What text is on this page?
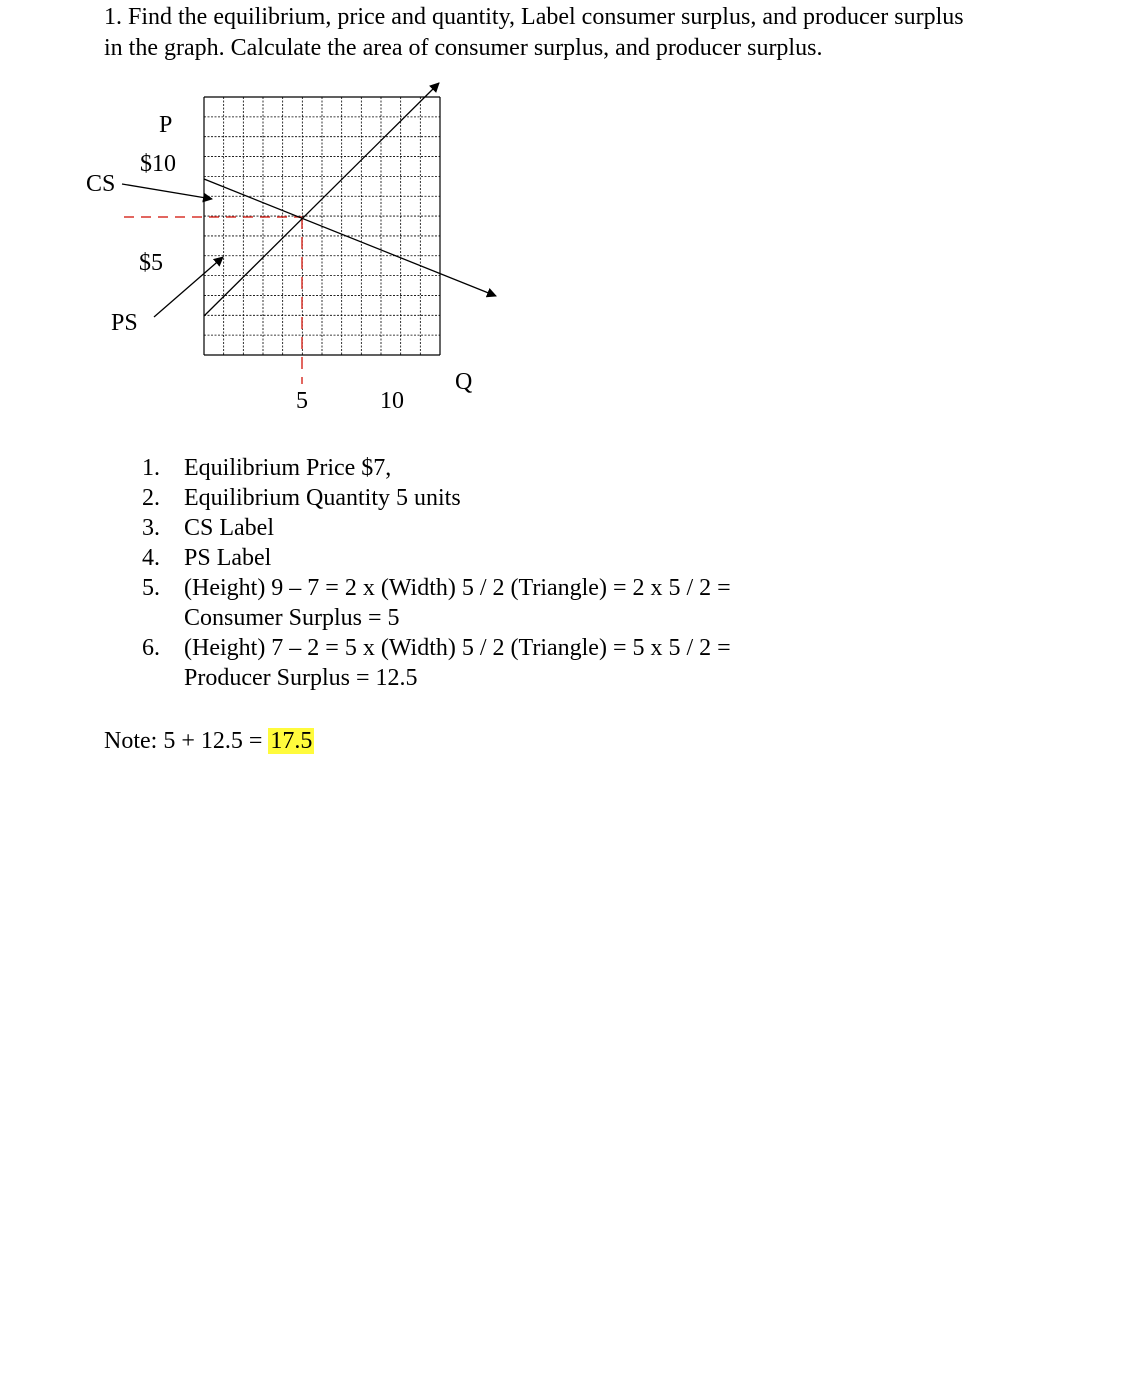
1. Find the equilibrium, price and quantity, Label consumer surplus, and producer surplus
in the graph. Calculate the area of consumer surplus, and producer surplus.

P
$10
CS
$5
PS
Q
5	10
1. Equilibrium Price $7,
2. Equilibrium Quantity 5 units
3. CS Label
4. PS Label
5. (Height) 9 – 7 = 2 x (Width) 5 / 2 (Triangle) = 2 x 5 / 2 =
Consumer Surplus = 5
6. (Height) 7 – 2 = 5 x (Width) 5 / 2 (Triangle) = 5 x 5 / 2 =
Producer Surplus = 12.5

Note: 5 + 12.5 = 17.5
